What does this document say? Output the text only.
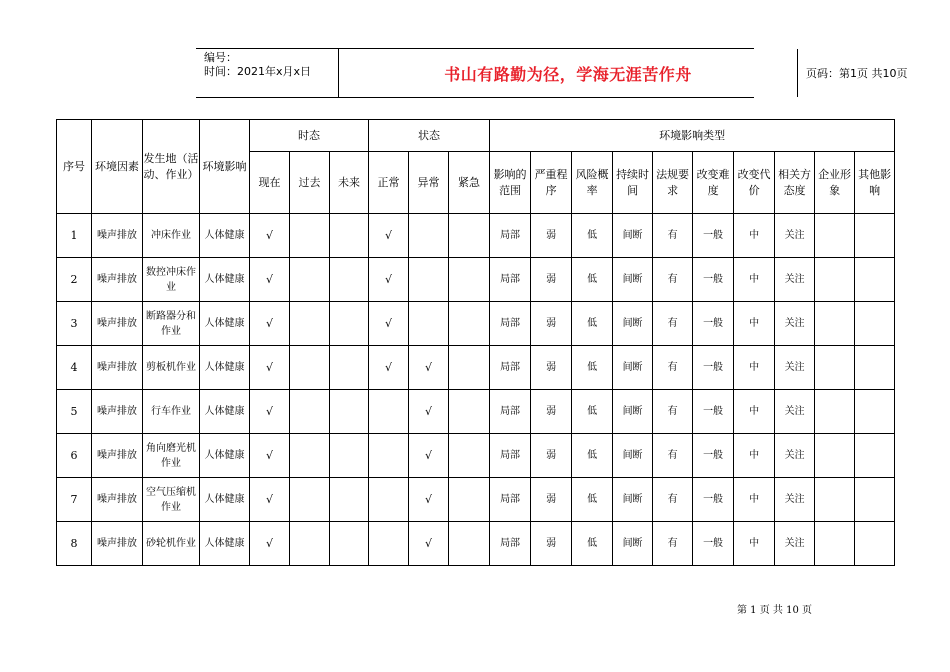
编号：
时间：2021年x月x日	书山有路勤为径，学海无涯苦作舟	页码：第1页 共10页
序号	环境因素	发生地（活动、作业）	环境影响	时态			状态			环境影响类型									
				现在	过去	未来	正常	异常	紧急	影响的范围	严重程序	风险概率	持续时间	法规要求	改变难度	改变代价	相关方态度	企业形象	其他影响
1	噪声排放	冲床作业	人体健康	√			√			局部	弱	低	间断	有	一般	中	关注		
2	噪声排放	数控冲床作业	人体健康	√			√			局部	弱	低	间断	有	一般	中	关注		
3	噪声排放	断路器分和作业	人体健康	√			√			局部	弱	低	间断	有	一般	中	关注		
4	噪声排放	剪板机作业	人体健康	√			√	√		局部	弱	低	间断	有	一般	中	关注		
5	噪声排放	行车作业	人体健康	√				√		局部	弱	低	间断	有	一般	中	关注		
6	噪声排放	角向磨光机作业	人体健康	√				√		局部	弱	低	间断	有	一般	中	关注		
7	噪声排放	空气压缩机作业	人体健康	√				√		局部	弱	低	间断	有	一般	中	关注		
8	噪声排放	砂轮机作业	人体健康	√				√		局部	弱	低	间断	有	一般	中	关注		
第 1 页 共 10 页
